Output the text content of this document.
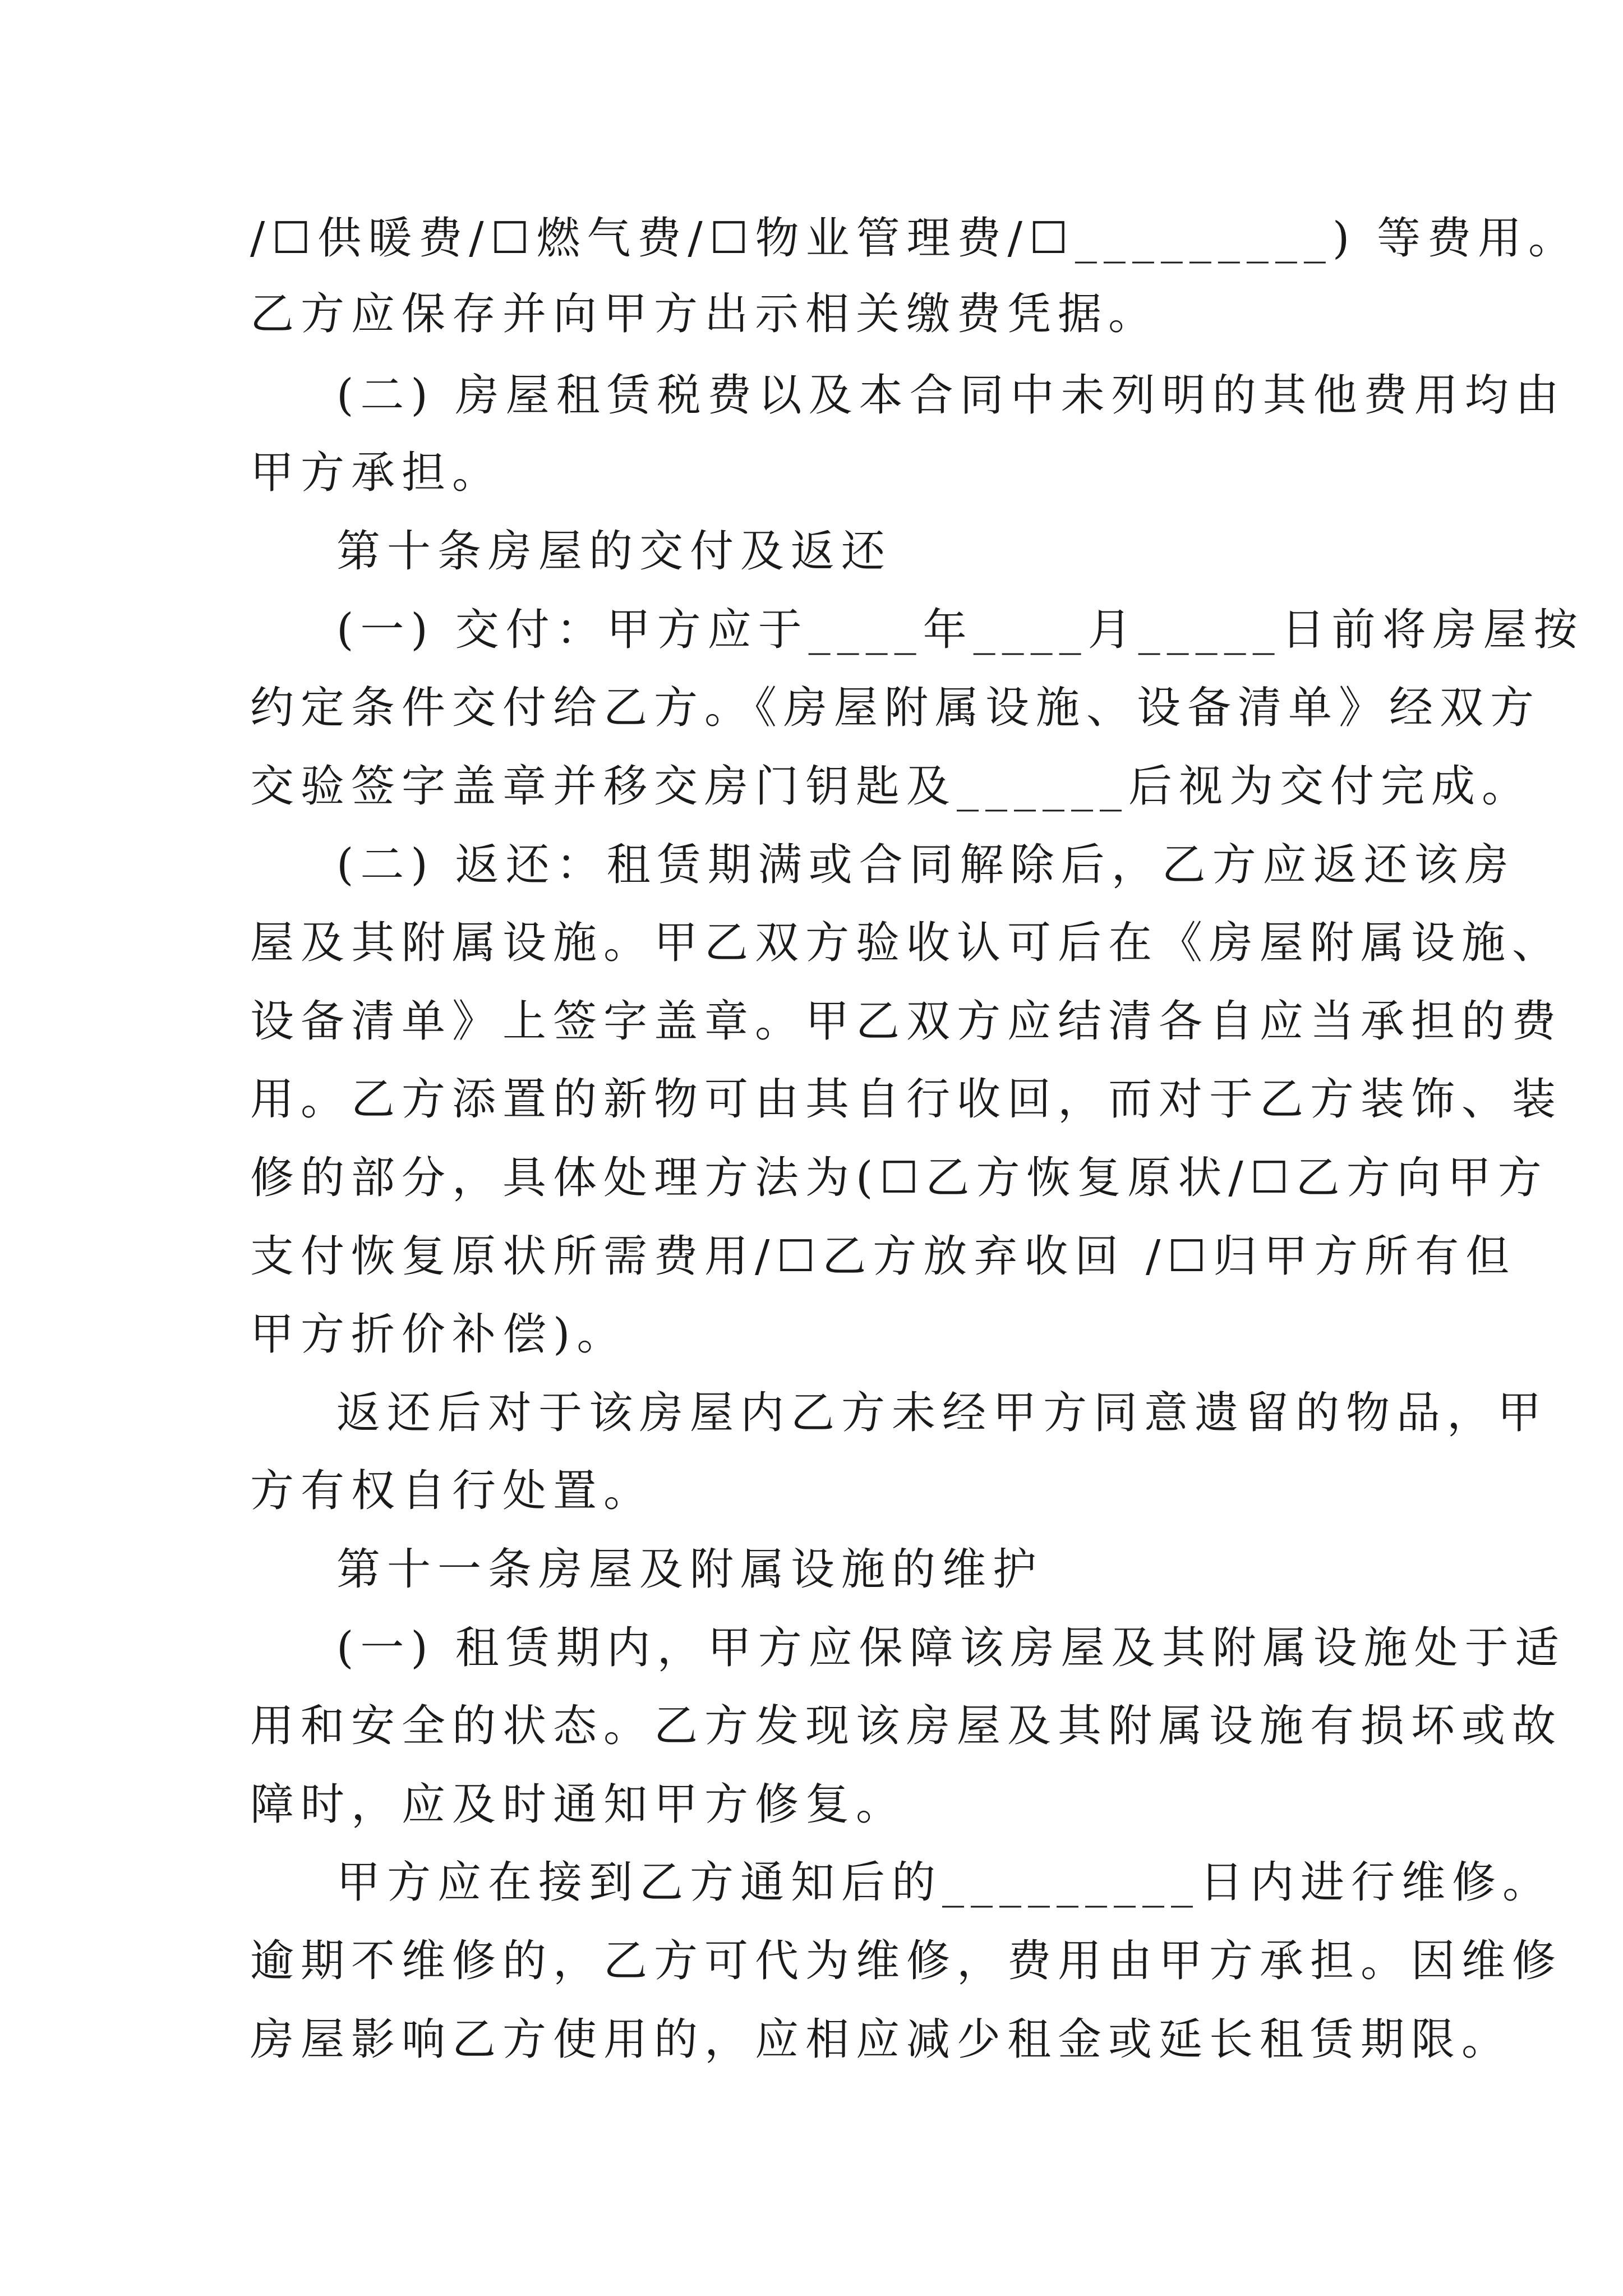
/☐供暖费/☐燃气费/☐物业管理费/☐_________) 等费用。
乙方应保存并向甲方出示相关缴费凭据。
(二) 房屋租赁税费以及本合同中未列明的其他费用均由
甲方承担。
第十条房屋的交付及返还
(一) 交付：甲方应于____年____月_____日前将房屋按
约定条件交付给乙方。《房屋附属设施、设备清单》经双方
交验签字盖章并移交房门钥匙及______后视为交付完成。
(二) 返还：租赁期满或合同解除后，乙方应返还该房
屋及其附属设施。甲乙双方验收认可后在《房屋附属设施、
设备清单》上签字盖章。甲乙双方应结清各自应当承担的费
用。乙方添置的新物可由其自行收回，而对于乙方装饰、装
修的部分，具体处理方法为(☐乙方恢复原状/☐乙方向甲方
支付恢复原状所需费用/☐乙方放弃收回 /☐归甲方所有但
甲方折价补偿)。
返还后对于该房屋内乙方未经甲方同意遗留的物品，甲
方有权自行处置。
第十一条房屋及附属设施的维护
(一) 租赁期内，甲方应保障该房屋及其附属设施处于适
用和安全的状态。乙方发现该房屋及其附属设施有损坏或故
障时，应及时通知甲方修复。
甲方应在接到乙方通知后的_________日内进行维修。
逾期不维修的，乙方可代为维修，费用由甲方承担。因维修
房屋影响乙方使用的，应相应减少租金或延长租赁期限。
